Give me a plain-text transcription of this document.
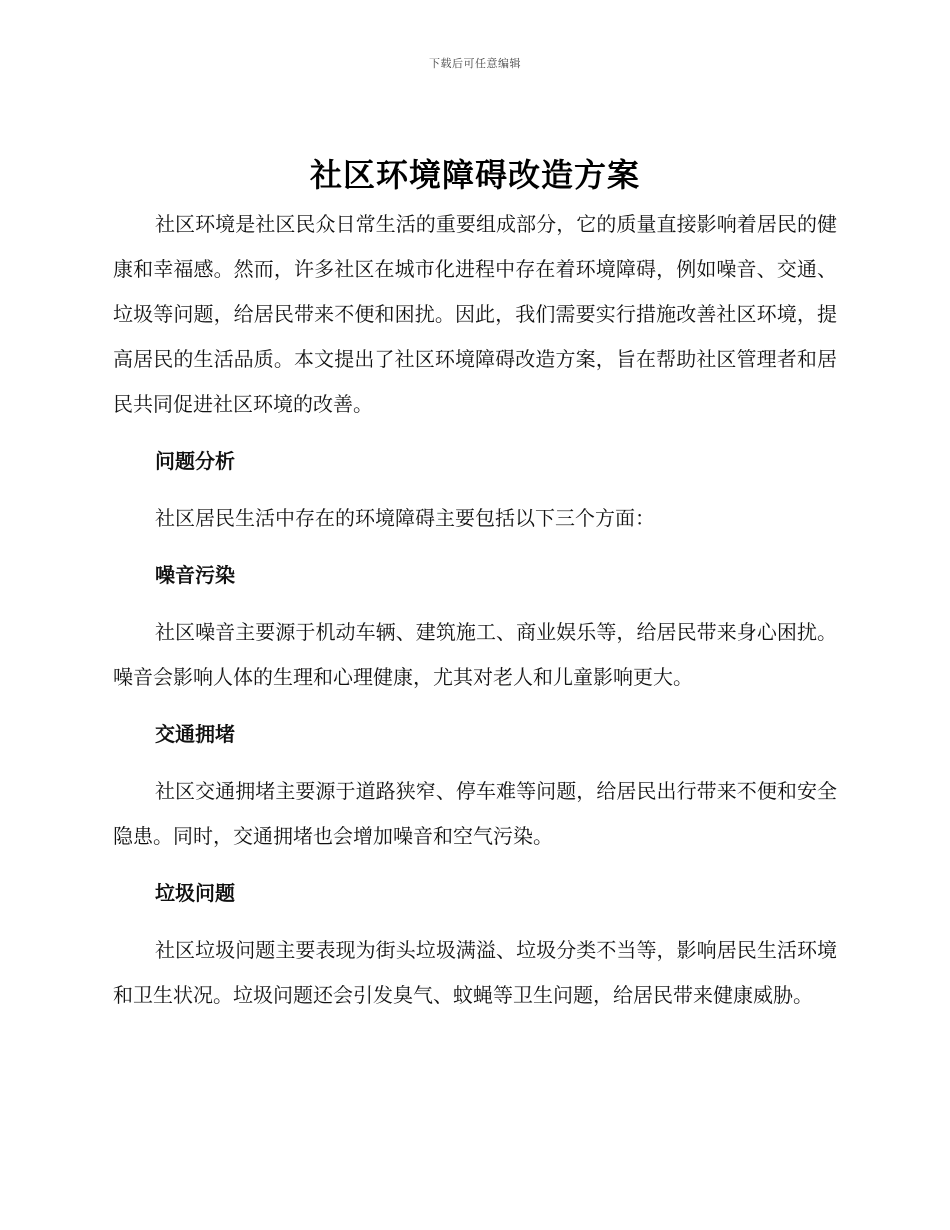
下载后可任意编辑
社区环境障碍改造方案

社区环境是社区民众日常生活的重要组成部分，它的质量直接影响着居民的健康和幸福感。然而，许多社区在城市化进程中存在着环境障碍，例如噪音、交通、垃圾等问题，给居民带来不便和困扰。因此，我们需要实行措施改善社区环境，提高居民的生活品质。本文提出了社区环境障碍改造方案，旨在帮助社区管理者和居民共同促进社区环境的改善。

问题分析

社区居民生活中存在的环境障碍主要包括以下三个方面：

噪音污染

社区噪音主要源于机动车辆、建筑施工、商业娱乐等，给居民带来身心困扰。噪音会影响人体的生理和心理健康，尤其对老人和儿童影响更大。

交通拥堵

社区交通拥堵主要源于道路狭窄、停车难等问题，给居民出行带来不便和安全隐患。同时，交通拥堵也会增加噪音和空气污染。

垃圾问题

社区垃圾问题主要表现为街头垃圾满溢、垃圾分类不当等，影响居民生活环境和卫生状况。垃圾问题还会引发臭气、蚊蝇等卫生问题，给居民带来健康威胁。
